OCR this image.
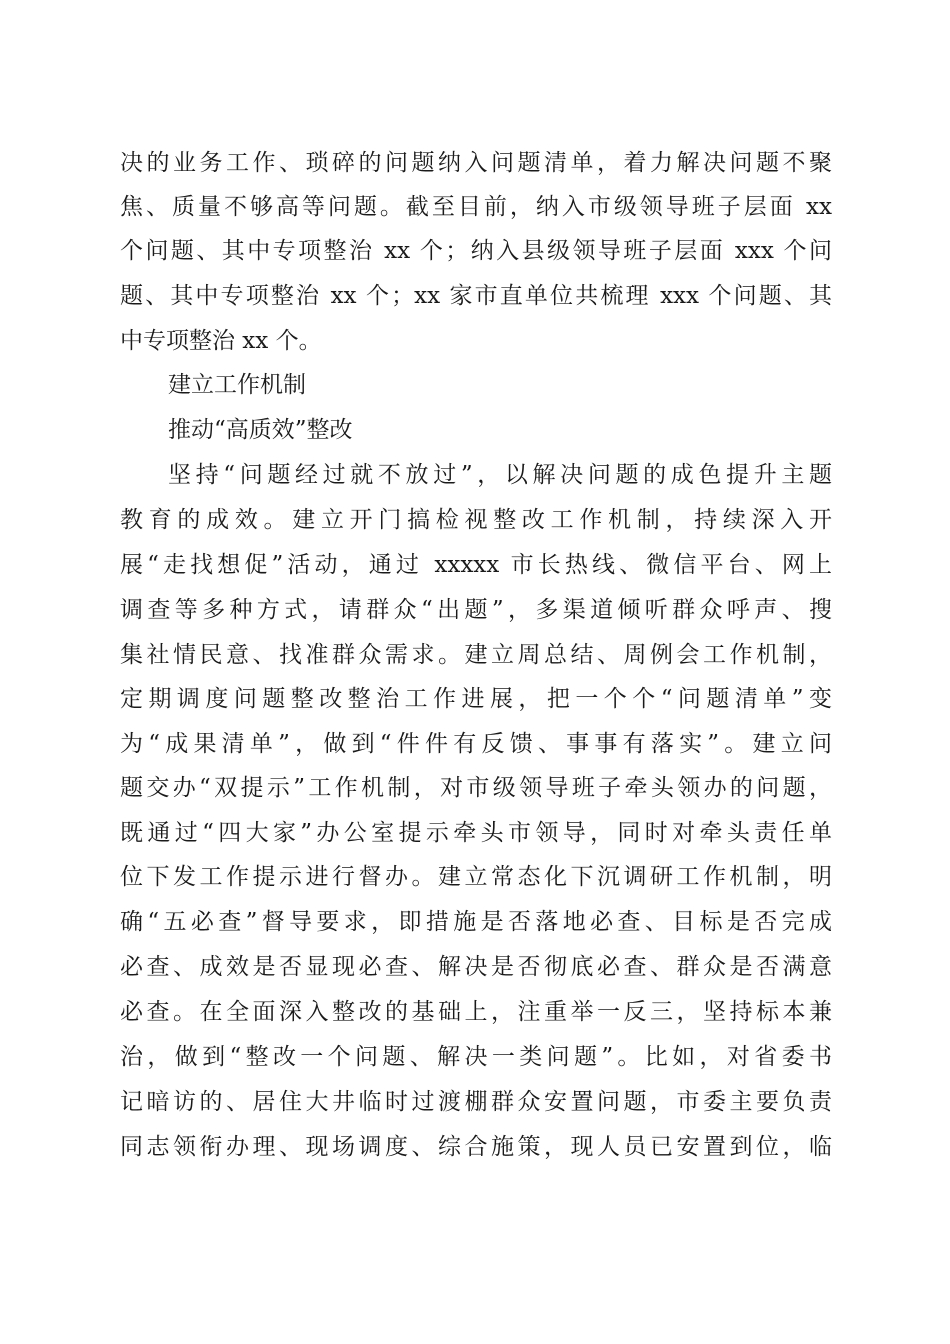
决的业务工作、琐碎的问题纳入问题清单，着力解决问题不聚
焦、质量不够高等问题。截至目前，纳入市级领导班子层面 xx
个问题、其中专项整治 xx 个；纳入县级领导班子层面 xxx 个问
题、其中专项整治 xx 个；xx 家市直单位共梳理 xxx 个问题、其
中专项整治 xx 个。
建立工作机制
推动“高质效”整改
坚持“问题经过就不放过”，以解决问题的成色提升主题
教育的成效。建立开门搞检视整改工作机制，持续深入开
展“走找想促”活动，通过 xxxxx 市长热线、微信平台、网上
调查等多种方式，请群众“出题”，多渠道倾听群众呼声、搜
集社情民意、找准群众需求。建立周总结、周例会工作机制，
定期调度问题整改整治工作进展，把一个个“问题清单”变
为“成果清单”，做到“件件有反馈、事事有落实”。建立问
题交办“双提示”工作机制，对市级领导班子牵头领办的问题，
既通过“四大家”办公室提示牵头市领导，同时对牵头责任单
位下发工作提示进行督办。建立常态化下沉调研工作机制，明
确“五必查”督导要求，即措施是否落地必查、目标是否完成
必查、成效是否显现必查、解决是否彻底必查、群众是否满意
必查。在全面深入整改的基础上，注重举一反三，坚持标本兼
治，做到“整改一个问题、解决一类问题”。比如，对省委书
记暗访的、居住大井临时过渡棚群众安置问题，市委主要负责
同志领衔办理、现场调度、综合施策，现人员已安置到位，临
